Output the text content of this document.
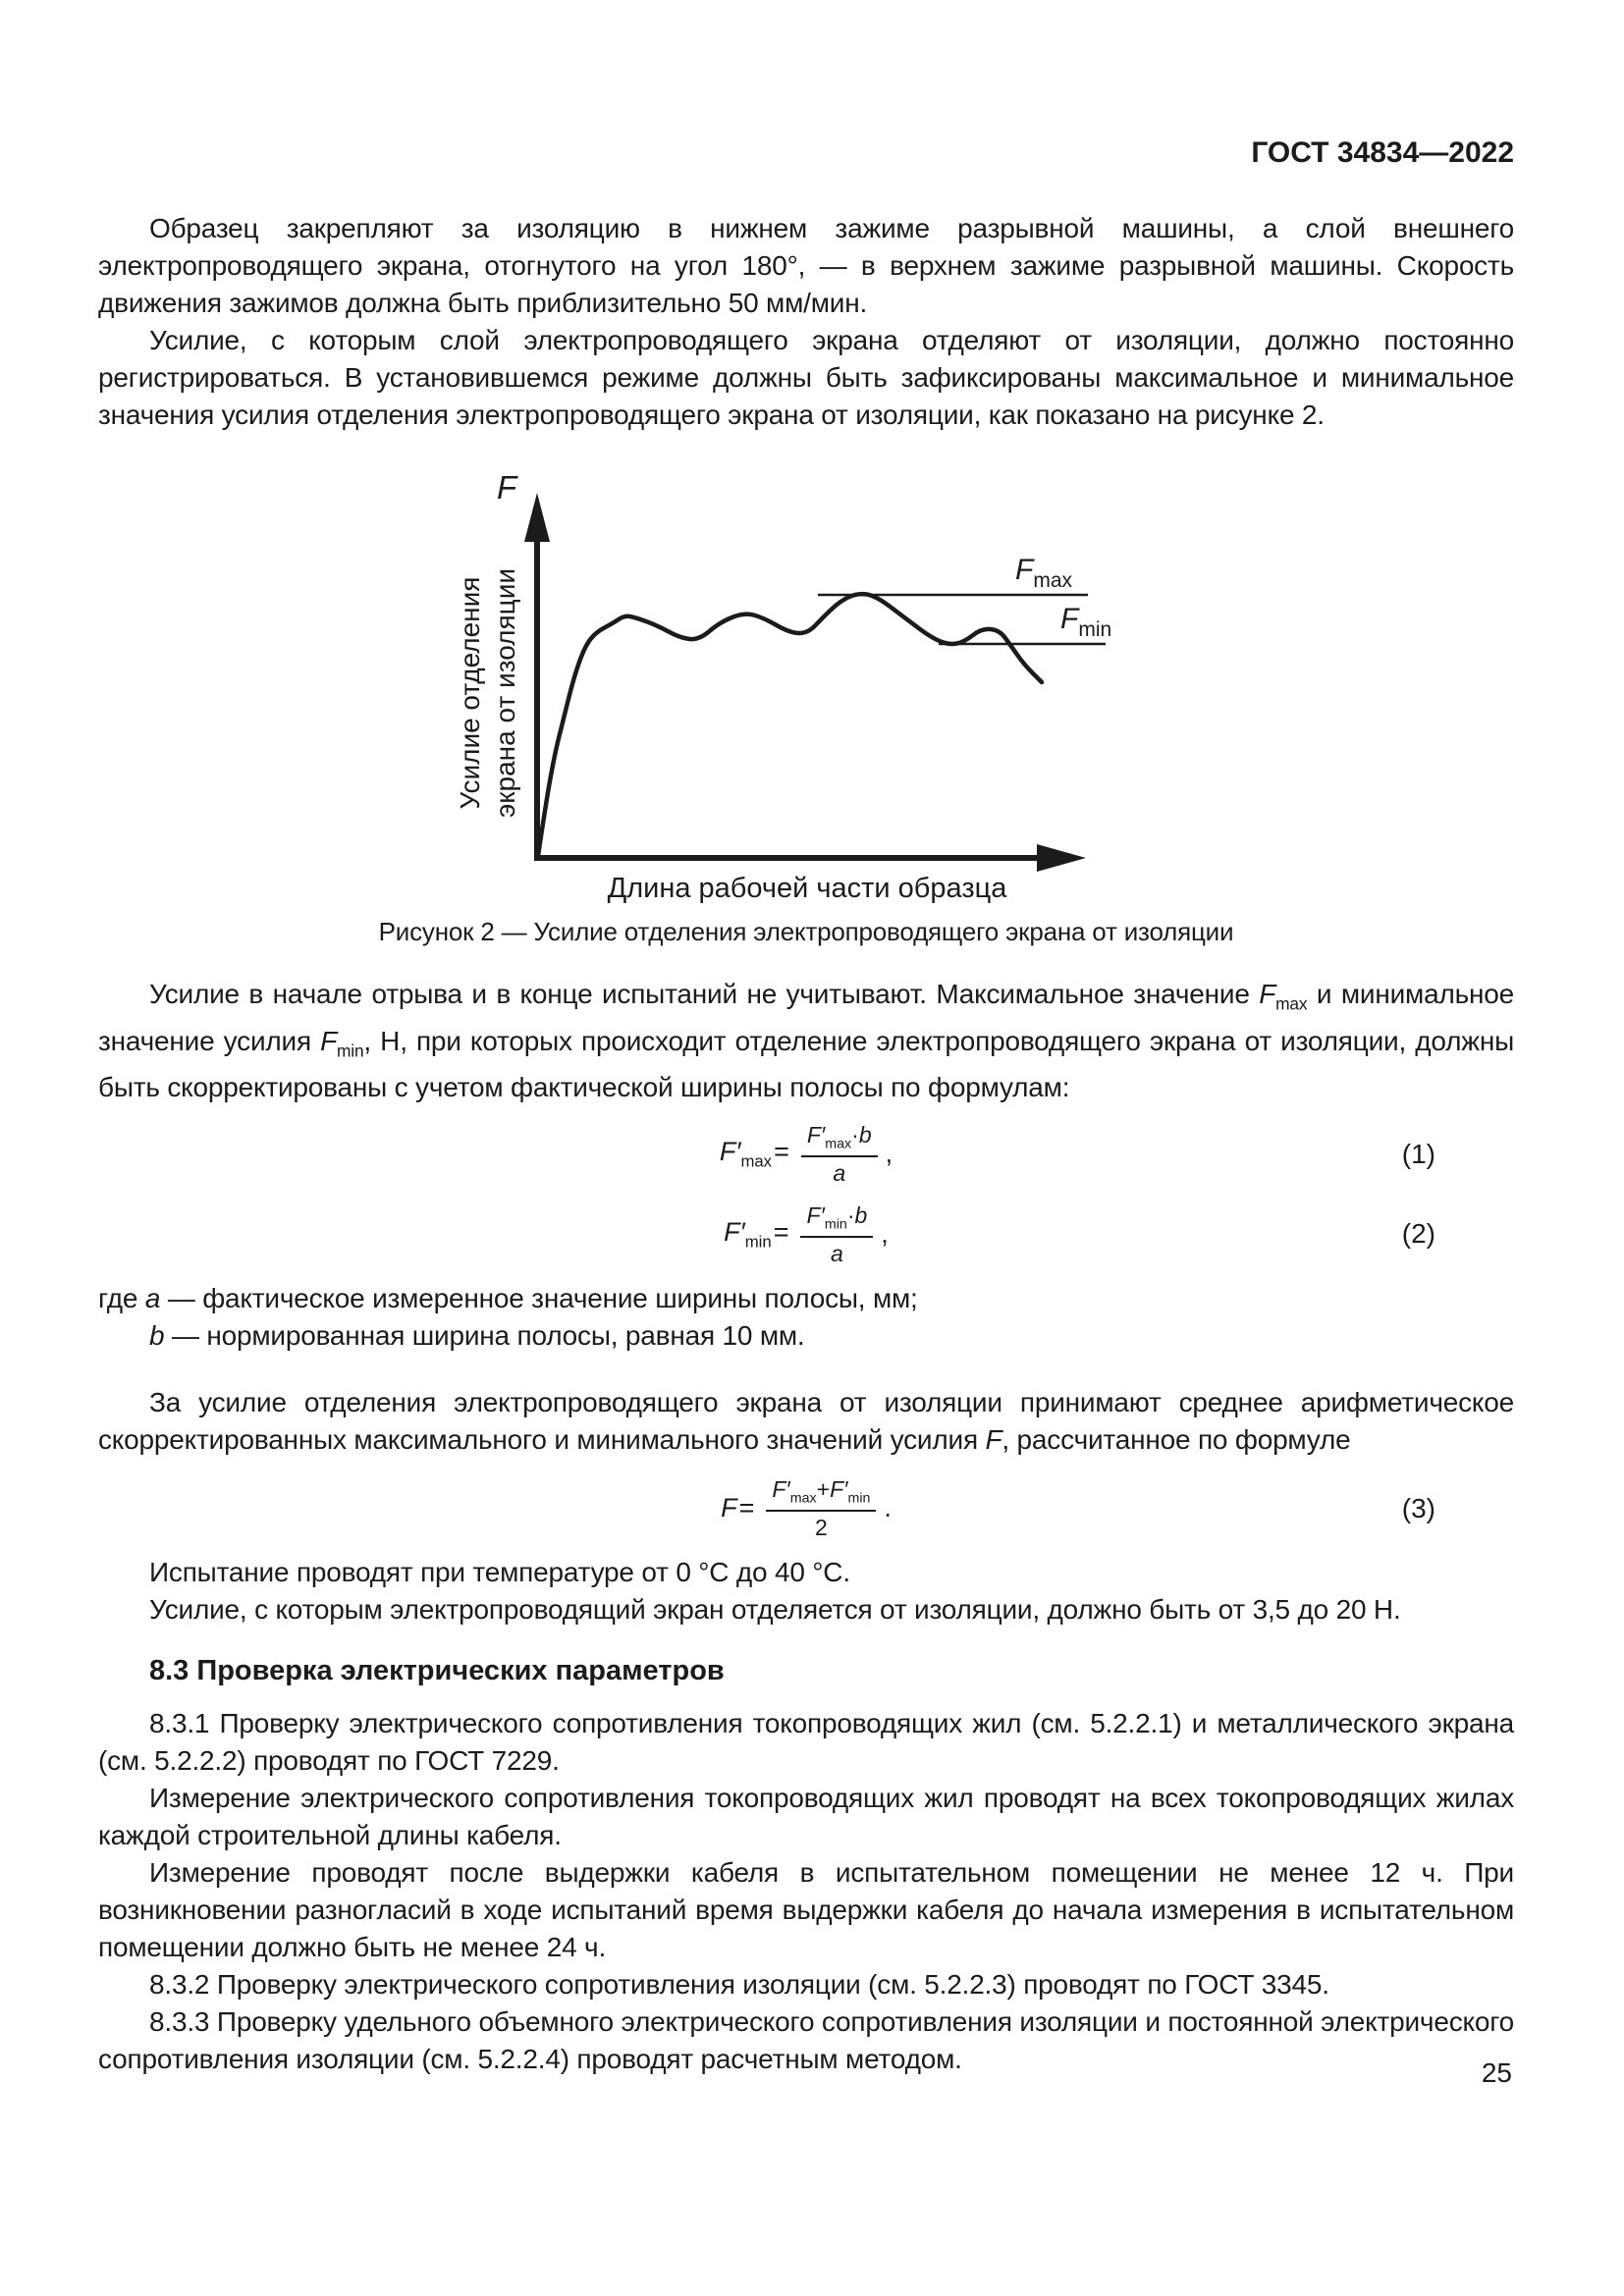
ГОСТ 34834—2022

Образец закрепляют за изоляцию в нижнем зажиме разрывной машины, а слой внешнего электропроводящего экрана, отогнутого на угол 180°, — в верхнем зажиме разрывной машины. Скорость движения зажимов должна быть приблизительно 50 мм/мин.

Усилие, с которым слой электропроводящего экрана отделяют от изоляции, должно постоянно регистрироваться. В установившемся режиме должны быть зафиксированы максимальное и минимальное значения усилия отделения электропроводящего экрана от изоляции, как показано на рисунке 2.

F
Усилие отделения экрана от изоляции
Длина рабочей части образца
$F_{max}$
$F_{min}$
Рисунок 2 — Усилие отделения электропроводящего экрана от изоляции

Усилие в начале отрыва и в конце испытаний не учитывают. Максимальное значение $F_{max}$ и минимальное значение усилия $F_{min}$, Н, при которых происходит отделение электропроводящего экрана от изоляции, должны быть скорректированы с учетом фактической ширины полосы по формулам:

$F'_{max}= \frac{F'_{max}\cdot b}{a}$ ,	(1)
$F'_{min}= \frac{F'_{min}\cdot b}{a}$ ,	(2)
где a — фактическое измеренное значение ширины полосы, мм;
b — нормированная ширина полосы, равная 10 мм.

За усилие отделения электропроводящего экрана от изоляции принимают среднее арифметическое скорректированных максимального и минимального значений усилия F, рассчитанное по формуле

$F= \frac{F'_{max}+F'_{min}}{2}$ .	(3)

Испытание проводят при температуре от 0 °С до 40 °С.

Усилие, с которым электропроводящий экран отделяется от изоляции, должно быть от 3,5 до 20 Н.

8.3 Проверка электрических параметров

8.3.1 Проверку электрического сопротивления токопроводящих жил (см. 5.2.2.1) и металлического экрана (см. 5.2.2.2) проводят по ГОСТ 7229.

Измерение электрического сопротивления токопроводящих жил проводят на всех токопроводящих жилах каждой строительной длины кабеля.

Измерение проводят после выдержки кабеля в испытательном помещении не менее 12 ч. При возникновении разногласий в ходе испытаний время выдержки кабеля до начала измерения в испытательном помещении должно быть не менее 24 ч.

8.3.2 Проверку электрического сопротивления изоляции (см. 5.2.2.3) проводят по ГОСТ 3345.

8.3.3 Проверку удельного объемного электрического сопротивления изоляции и постоянной электрического сопротивления изоляции (см. 5.2.2.4) проводят расчетным методом.	25
